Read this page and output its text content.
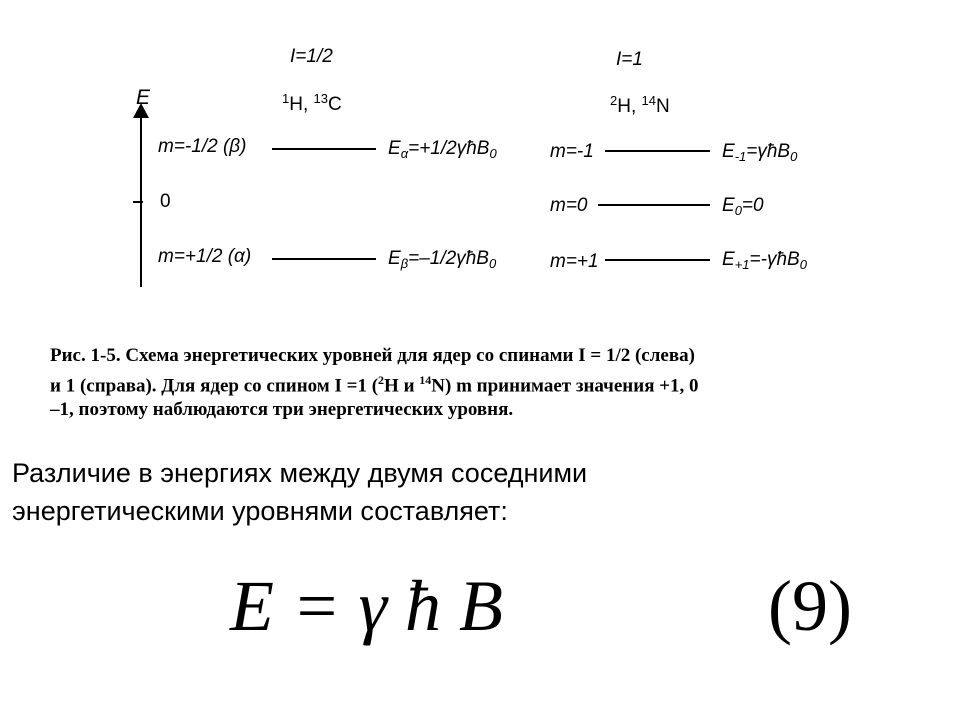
E
0
I=1/2
$^1$H, $^{13}$C
m=-1/2 (β)	$E_\alpha=+1/2\gamma ħB_0$
m=+1/2 (α)	$E_\beta=-1/2\gamma ħB_0$
I=1
$^2$H, $^{14}$N
m=-1	$E_{-1}=\gamma ħB_0$
m=0	$E_0=0$
m=+1	$E_{+1}=-\gamma ħB_0$
Рис. 1-5. Схема энергетических уровней для ядер со спинами I = 1/2 (слева)
и 1 (справа). Для ядер со спином I =1 ($^2$H и $^{14}$N) m принимает значения +1, 0
–1, поэтому наблюдаются три энергетических уровня.
Различие в энергиях между двумя соседними
энергетическими уровнями составляет:
E = γ ħ B	(9)
